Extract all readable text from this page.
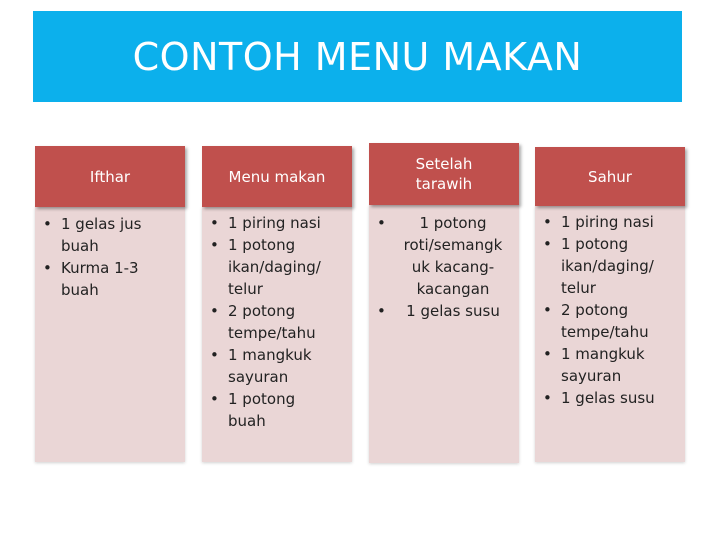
CONTOH MENU MAKAN
Ifthar
• 1 gelas jus
buah
• Kurma 1-3
buah
Menu makan
• 1 piring nasi
• 1 potong
ikan/daging/
telur
• 2 potong
tempe/tahu
• 1 mangkuk
sayuran
• 1 potong
buah
Setelah
tarawih
• 1 potong
roti/semangk
uk kacang-
kacangan
• 1 gelas susu
Sahur
• 1 piring nasi
• 1 potong
ikan/daging/
telur
• 2 potong
tempe/tahu
• 1 mangkuk
sayuran
• 1 gelas susu
